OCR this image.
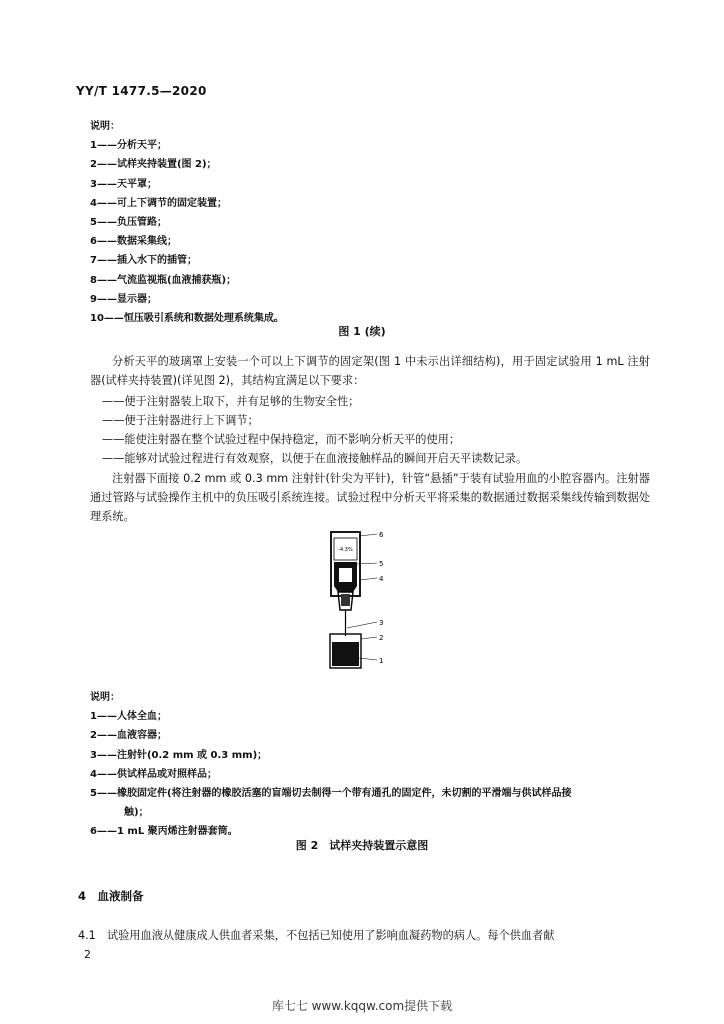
YY/T 1477.5—2020
说明：
1——分析天平；
2——试样夹持装置(图 2)；
3——天平罩；
4——可上下调节的固定装置；
5——负压管路；
6——数据采集线；
7——插入水下的插管；
8——气流监视瓶(血液捕获瓶)；
9——显示器；
10——恒压吸引系统和数据处理系统集成。
图 1 (续)
分析天平的玻璃罩上安装一个可以上下调节的固定架(图 1 中未示出详细结构)，用于固定试验用 1 mL 注射器(试样夹持装置)(详见图 2)，其结构宜满足以下要求：
——便于注射器装上取下，并有足够的生物安全性；
——便于注射器进行上下调节；
——能使注射器在整个试验过程中保持稳定，而不影响分析天平的使用；
——能够对试验过程进行有效观察，以便于在血液接触样品的瞬间开启天平读数记录。
注射器下面接 0.2 mm 或 0.3 mm 注射针(针尖为平针)，针管“悬插”于装有试验用血的小腔容器内。注射器通过管路与试验操作主机中的负压吸引系统连接。试验过程中分析天平将采集的数据通过数据采集线传输到数据处理系统。
-4.3%
6
5
4
3
2
1
说明：
1——人体全血；
2——血液容器；
3——注射针(0.2 mm 或 0.3 mm)；
4——供试样品或对照样品；
5——橡胶固定件(将注射器的橡胶活塞的盲端切去制得一个带有通孔的固定件，未切割的平滑端与供试样品接
触)；
6——1 mL 聚丙烯注射器套筒。
图 2　试样夹持装置示意图
4　血液制备
4.1　试验用血液从健康成人供血者采集，不包括已知使用了影响血凝药物的病人。每个供血者献
2
库七七 www.kqqw.com提供下载
